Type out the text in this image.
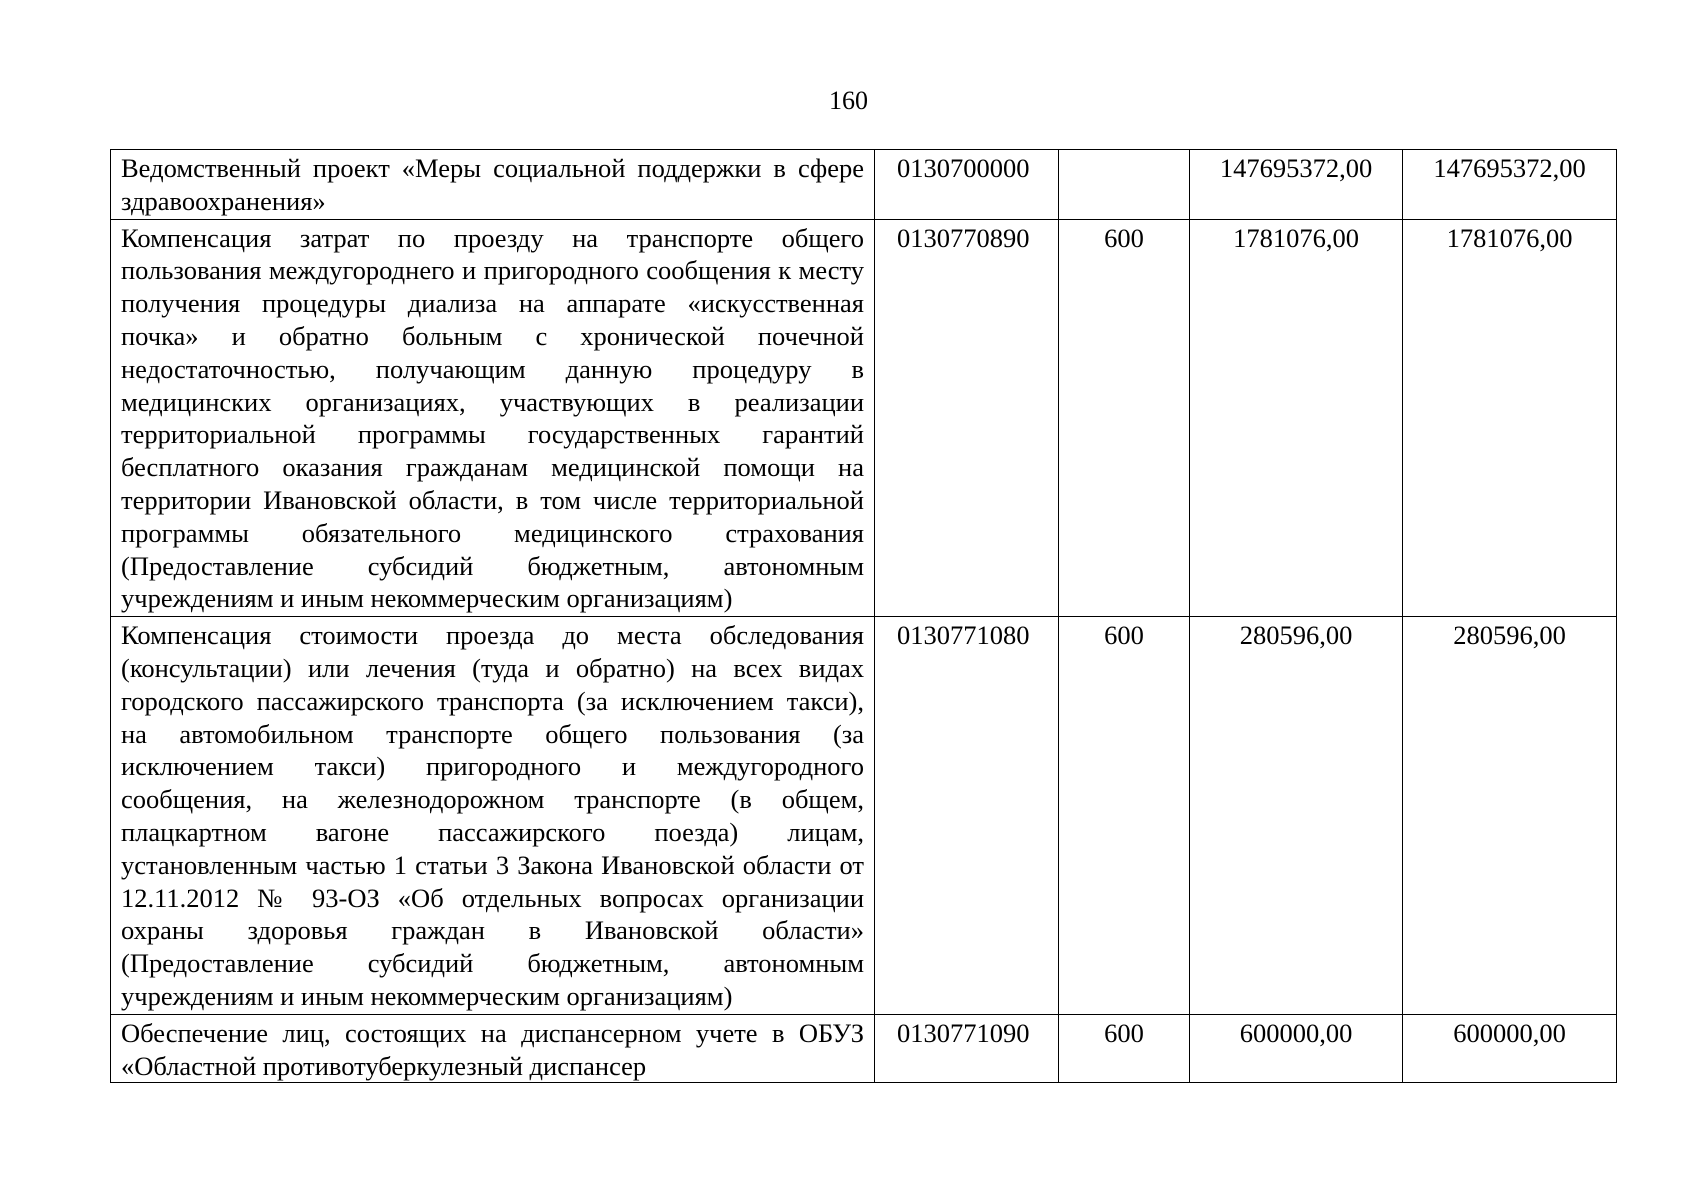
160
Ведомственный проект «Меры социальной поддержки в сфере здравоохранения»	0130700000		147695372,00	147695372,00
Компенсация затрат по проезду на транспорте общего пользования междугороднего и пригородного сообщения к месту получения процедуры диализа на аппарате «искусственная почка» и обратно больным с хронической почечной недостаточностью, получающим данную процедуру в медицинских организациях, участвующих в реализации территориальной программы государственных гарантий бесплатного оказания гражданам медицинской помощи на территории Ивановской области, в том числе территориальной программы обязательного медицинского страхования (Предоставление субсидий бюджетным, автономным учреждениям и иным некоммерческим организациям)	0130770890	600	1781076,00	1781076,00
Компенсация стоимости проезда до места обследования (консультации) или лечения (туда и обратно) на всех видах городского пассажирского транспорта (за исключением такси), на автомобильном транспорте общего пользования (за исключением такси) пригородного и междугородного сообщения, на железнодорожном транспорте (в общем, плацкартном вагоне пассажирского поезда) лицам, установленным частью 1 статьи 3 Закона Ивановской области от 12.11.2012 № 93-ОЗ «Об отдельных вопросах организации охраны здоровья граждан в Ивановской области» (Предоставление субсидий бюджетным, автономным учреждениям и иным некоммерческим организациям)	0130771080	600	280596,00	280596,00

Обеспечение лиц, состоящих на диспансерном учете в ОБУЗ «Областной противотуберкулезный диспансер	0130771090	600	600000,00	600000,00
